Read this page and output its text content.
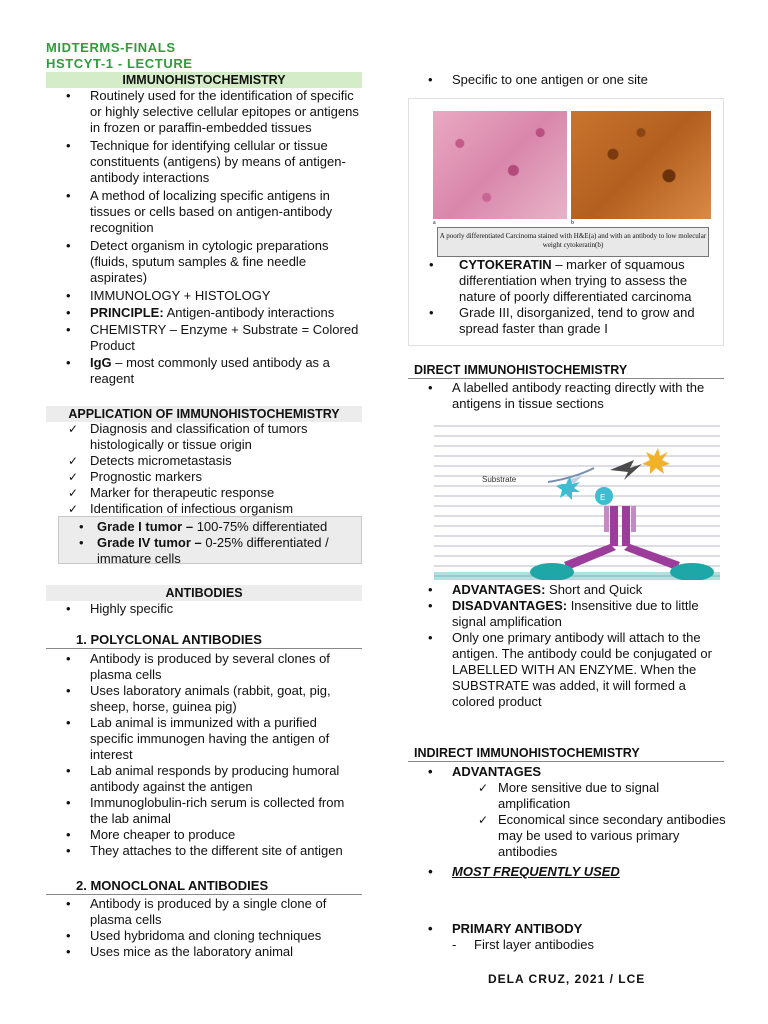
MIDTERMS-FINALS
HSTCYT-1 - LECTURE
IMMUNOHISTOCHEMISTRY
• Routinely used for the identification of specific or highly selective cellular epitopes or antigens in frozen or paraffin-embedded tissues
• Technique for identifying cellular or tissue constituents (antigens) by means of antigen-antibody interactions
• A method of localizing specific antigens in tissues or cells based on antigen-antibody recognition
• Detect organism in cytologic preparations (fluids, sputum samples & fine needle aspirates)
• IMMUNOLOGY + HISTOLOGY
• PRINCIPLE: Antigen-antibody interactions
• CHEMISTRY – Enzyme + Substrate = Colored Product
• IgG – most commonly used antibody as a reagent
APPLICATION OF IMMUNOHISTOCHEMISTRY
✓ Diagnosis and classification of tumors histologically or tissue origin
✓ Detects micrometastasis
✓ Prognostic markers
✓ Marker for therapeutic response
✓ Identification of infectious organism
• Grade I tumor – 100-75% differentiated
• Grade IV tumor – 0-25% differentiated / immature cells
ANTIBODIES
• Highly specific
1. POLYCLONAL ANTIBODIES
• Antibody is produced by several clones of plasma cells
• Uses laboratory animals (rabbit, goat, pig, sheep, horse, guinea pig)
• Lab animal is immunized with a purified specific immunogen having the antigen of interest
• Lab animal responds by producing humoral antibody against the antigen
• Immunoglobulin-rich serum is collected from the lab animal
• More cheaper to produce
• They attaches to the different site of antigen
2. MONOCLONAL ANTIBODIES
• Antibody is produced by a single clone of plasma cells
• Used hybridoma and cloning techniques
• Uses mice as the laboratory animal
• Specific to one antigen or one site
a	b
A poorly differentiated Carcinoma stained with H&E(a) and with an antibody to low molecular weight cytokeratin(b)
• CYTOKERATIN – marker of squamous differentiation when trying to assess the nature of poorly differentiated carcinoma
• Grade III, disorganized, tend to grow and spread faster than grade I
DIRECT IMMUNOHISTOCHEMISTRY
• A labelled antibody reacting directly with the antigens in tissue sections
Substrate
E
• ADVANTAGES: Short and Quick
• DISADVANTAGES: Insensitive due to little signal amplification
• Only one primary antibody will attach to the antigen. The antibody could be conjugated or LABELLED WITH AN ENZYME. When the SUBSTRATE was added, it will formed a colored product
INDIRECT IMMUNOHISTOCHEMISTRY
• ADVANTAGES
✓ More sensitive due to signal amplification
✓ Economical since secondary antibodies may be used to various primary antibodies
• MOST FREQUENTLY USED
• PRIMARY ANTIBODY
- First layer antibodies
DELA CRUZ, 2021 / LCE
